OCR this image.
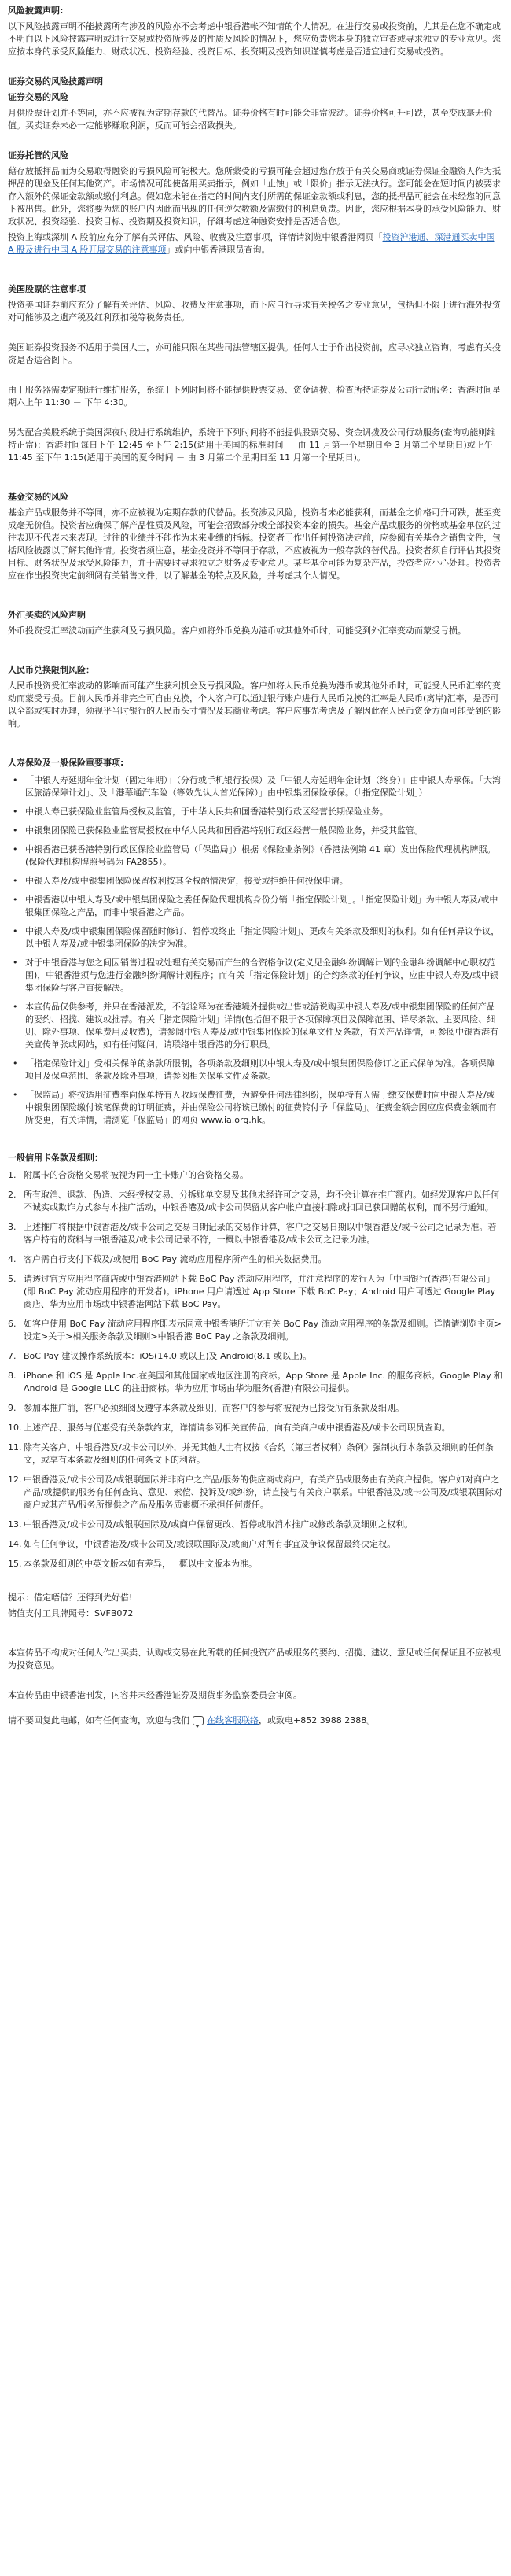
风险披露声明:

以下风险披露声明不能披露所有涉及的风险亦不会考虑中银香港帐不知情的个人情况。在进行交易或投资前，尤其是在您不确定或不明白以下风险披露声明或进行交易或投资所涉及的性质及风险的情况下，您应负责您本身的独立审查或寻求独立的专业意见。您应按本身的承受风险能力、财政状况、投资经验、投资目标、投资期及投资知识谨慎考虑是否适宜进行交易或投资。

证券交易的风险披露声明
证券交易的风险

月供股票计划并不等同，亦不应被视为定期存款的代替品。证券价格有时可能会非常波动。证券价格可升可跌，甚至变成毫无价值。买卖证券未必一定能够赚取利润，反而可能会招致损失。

证券托管的风险

藉存放抵押品而为交易取得融资的亏损风险可能极大。您所蒙受的亏损可能会超过您存放于有关交易商或证券保证金融资人作为抵押品的现金及任何其他资产。市场情况可能使备用买卖指示，例如「止蚀」或「限价」指示无法执行。您可能会在短时间内被要求存入额外的保证金款额或缴付利息。假如您未能在指定的时间内支付所需的保证金款额或利息，您的抵押品可能会在未经您的同意下被出售。此外，您将要为您的账户内因此而出现的任何逆欠数额及需缴付的利息负责。因此，您应根据本身的承受风险能力、财政状况、投资经验、投资目标、投资期及投资知识，仔细考虑这种融资安排是否适合您。

投资上海或深圳 A 股前应充分了解有关评估、风险、收费及注意事项，详情请浏览中银香港网页「投资沪港通、深港通买卖中国 A 股及进行中国 A 股开展交易的注意事项」或向中银香港职员查询。

美国股票的注意事项

投资美国证券前应充分了解有关评估、风险、收费及注意事项，而下应自行寻求有关税务之专业意见，包括但不限于进行海外投资对可能涉及之遗产税及红利预扣税等税务责任。

美国证券投资服务不适用于美国人士，亦可能只限在某些司法管辖区提供。任何人士于作出投资前，应寻求独立咨询，考虑有关投资是否适合阁下。

由于服务器需要定期进行维护服务，系统于下列时间将不能提供股票交易、资金调拨、检查所持证券及公司行动服务：香港时间星期六上午 11:30 － 下午 4:30。

另为配合美股系统于美国深夜时段进行系统维护，系统于下列时间将不能提供股票交易、资金调拨及公司行动服务(查询功能则维持正常)：香港时间每日下午 12:45 至下午 2:15(适用于美国的标准时间 － 由 11 月第一个星期日至 3 月第二个星期日)或上午 11:45 至下午 1:15(适用于美国的夏令时间 － 由 3 月第二个星期日至 11 月第一个星期日)。

基金交易的风险

基金产品或服务并不等同，亦不应被视为定期存款的代替品。投资涉及风险，投资者未必能获利，而基金之价格可升可跌，甚至变成毫无价值。投资者应确保了解产品性质及风险，可能会招致部分或全部投资本金的损失。基金产品或服务的价格或基金单位的过往表现不代表未来表现。过往的业绩并不能作为未来业绩的指标。投资者于作出任何投资决定前，应参阅有关基金之销售文件，包括风险披露以了解其他详情。投资者须注意，基金投资并不等同于存款，不应被视为一般存款的替代品。投资者须自行评估其投资目标、财务状况及承受风险能力，并于需要时寻求独立之财务及专业意见。某些基金可能为复杂产品，投资者应小心处理。投资者应在作出投资决定前细阅有关销售文件，以了解基金的特点及风险，并考虑其个人情况。

外汇买卖的风险声明

外币投资受汇率波动而产生获利及亏损风险。客户如将外币兑换为港币或其他外币时，可能受到外汇率变动而蒙受亏损。

人民币兑换限制风险：

人民币投资受汇率波动的影响而可能产生获利机会及亏损风险。客户如将人民币兑换为港币或其他外币时，可能受人民币汇率的变动而蒙受亏损。目前人民币并非完全可自由兑换，个人客户可以通过银行账户进行人民币兑换的汇率是人民币(离岸)汇率，是否可以全部或实时办理，须视乎当时银行的人民币头寸情况及其商业考虑。客户应事先考虑及了解因此在人民币资金方面可能受到的影响。

人寿保险及一般保险重要事项:
• 「中银人寿延期年金计划（固定年期）」（分行或手机银行投保）及「中银人寿延期年金计划（终身）」由中银人寿承保。「大湾区旅游保障计划」、及「港幕通汽车险（等效先认人首光保障）」由中银集团保险承保。（「指定保险计划」）
• 中银人寿已获保险业监管局授权及监管，于中华人民共和国香港特别行政区经营长期保险业务。
• 中银集团保险已获保险业监管局授权在中华人民共和国香港特别行政区经营一般保险业务，并受其监管。
• 中银香港已获香港特别行政区保险业监管局（「保监局」）根据《保险业条例》（香港法例第 41 章）发出保险代理机构牌照。(保险代理机构牌照号码为 FA2855）。
• 中银人寿及/或中银集团保险保留权利按其全权酌情决定，接受或拒绝任何投保申请。
• 中银香港以中银人寿及/或中银集团保险之委任保险代理机构身份分销「指定保险计划」。「指定保险计划」为中银人寿及/或中银集团保险之产品，而非中银香港之产品。
• 中银人寿及/或中银集团保险保留随时修订、暂停或终止「指定保险计划」、更改有关条款及细则的权利。如有任何异议争议，以中银人寿及/或中银集团保险的决定为准。
• 对于中银香港与您之间因销售过程或处理有关交易而产生的合资格争议(定义见金融纠纷调解计划的金融纠纷调解中心职权范围)，中银香港须与您进行金融纠纷调解计划程序；而有关「指定保险计划」的合约条款的任何争议，应由中银人寿及/或中银集团保险与客户直接解决。
• 本宣传品仅供参考，并只在香港派发，不能诠释为在香港境外提供或出售或游说购买中银人寿及/或中银集团保险的任何产品的要约、招揽、建议或推荐。有关「指定保险计划」详情(包括但不限于各项保障项目及保障范围、详尽条款、主要风险、细则、除外事项、保单费用及收费)，请参阅中银人寿及/或中银集团保险的保单文件及条款，有关产品详情，可参阅中银香港有关宣传单张或网站，如有任何疑问，请联络中银香港的分行职员。
• 「指定保险计划」受相关保单的条款所限制，各项条款及细则以中银人寿及/或中银集团保险修订之正式保单为准。各项保障项目及保单范围、条款及除外事项，请参阅相关保单文件及条款。
• 「保监局」将按适用征费率向保单持有人收取保费征费，为避免任何法律纠纷，保单持有人需于缴交保费时向中银人寿及/或中银集团保险缴付该笔保费的订明征费，并由保险公司将该已缴付的征费转付予「保监局」。征费金额会因应应保费金额而有所变更，有关详情，请浏览「保监局」的网页 www.ia.org.hk。
一般信用卡条款及细则：
1. 附属卡的合资格交易将被视为同一主卡账户的合资格交易。
2. 所有取消、退款、伪造、未经授权交易、分拆账单交易及其他未经许可之交易，均不会计算在推广额内。如经发现客户以任何不诚实或欺诈方式参与本推广活动，中银香港及/或卡公司保留从客户帐户直接扣除或扣回已获回赠的权利，而不另行通知。
3. 上述推广将根据中银香港及/或卡公司之交易日期记录的交易作计算，客户之交易日期以中银香港及/或卡公司之记录为准。若客户持有的资料与中银香港及/或卡公司记录不符，一概以中银香港及/或卡公司之记录为准。
4. 客户需自行支付下载及/或使用 BoC Pay 流动应用程序所产生的相关数据费用。
5. 请透过官方应用程序商店或中银香港网站下载 BoC Pay 流动应用程序，并注意程序的发行人为「中国银行(香港)有限公司」(即 BoC Pay 流动应用程序的开发者)。iPhone 用户请透过 App Store 下载 BoC Pay；Android 用户可透过 Google Play 商店、华为应用市场或中银香港网站下载 BoC Pay。
6. 如客户使用 BoC Pay 流动应用程序即表示同意中银香港所订立有关 BoC Pay 流动应用程序的条款及细则。详情请浏览主页>设定>关于>相关服务条款及细则>中银香港 BoC Pay 之条款及细则。
7. BoC Pay 建议操作系统版本：iOS(14.0 或以上)及 Android(8.1 或以上)。
8. iPhone 和 iOS 是 Apple Inc.在美国和其他国家或地区注册的商标。App Store 是 Apple Inc. 的服务商标。Google Play 和 Android 是 Google LLC 的注册商标。华为应用市场由华为服务(香港)有限公司提供。
9. 参加本推广前，客户必须细阅及遵守本条款及细则，而客户的参与将被视为已接受所有条款及细则。
10. 上述产品、服务与优惠受有关条款约束，详情请参阅相关宣传品，向有关商户或中银香港及/或卡公司职员查询。
11. 除有关客户、中银香港及/或卡公司以外，并无其他人士有权按《合约（第三者权利）条例》强制执行本条款及细则的任何条文，或享有本条款及细则的任何条文下的利益。
12. 中银香港及/或卡公司及/或银联国际并非商户之产品/服务的供应商或商户，有关产品或服务由有关商户提供。客户如对商户之产品/或提供的服务有任何查询、意见、索偿、投诉及/或纠纷，请直接与有关商户联系。中银香港及/或卡公司及/或银联国际对商户或其产品/服务所提供之产品及服务质素概不承担任何责任。
13. 中银香港及/或卡公司及/或银联国际及/或商户保留更改、暂停或取消本推广或修改条款及细则之权利。
14. 如有任何争议，中银香港及/或卡公司及/或银联国际及/或商户对所有事宜及争议保留最终决定权。
15. 本条款及细则的中英文版本如有差异，一概以中文版本为准。

提示：借定唔借？还得到先好借!

储值支付工具牌照号：SVFB072

本宣传品不构成对任何人作出买卖、认购或交易在此所载的任何投资产品或服务的要约、招揽、建议、意见或任何保证且不应被视为投资意见。

本宣传品由中银香港刊发，内容并未经香港证券及期货事务监察委员会审阅。

请不要回复此电邮，如有任何查询，欢迎与我们 在线客服联络 ，或致电+852 3988 2388。
